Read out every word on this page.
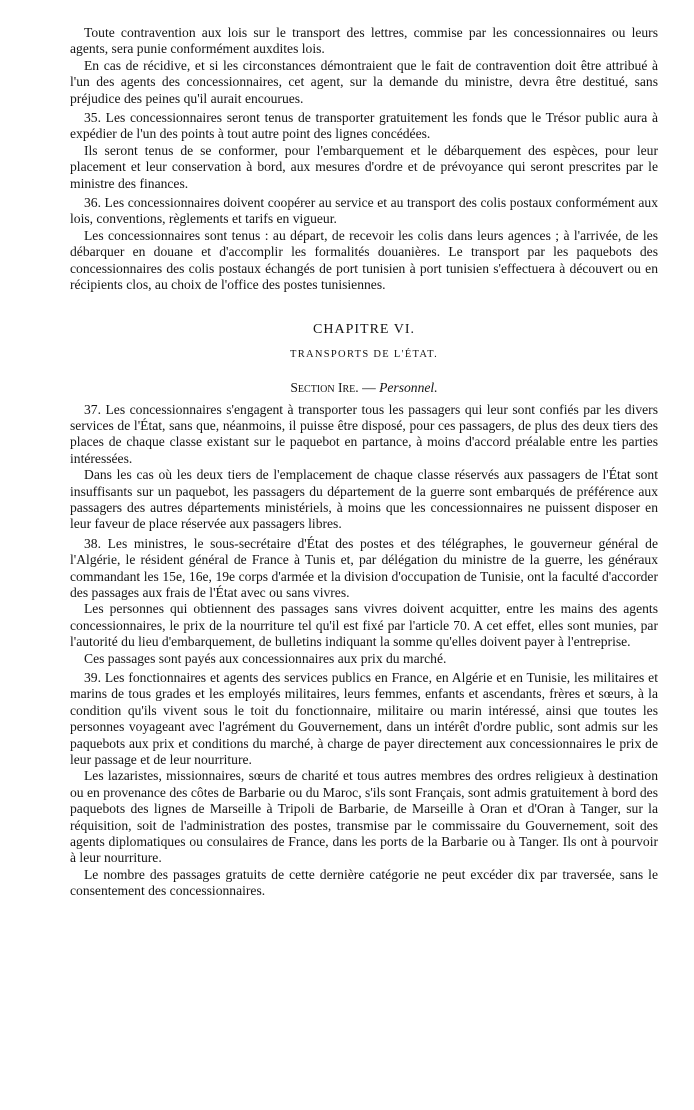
Toute contravention aux lois sur le transport des lettres, commise par les concessionnaires ou leurs agents, sera punie conformément auxdites lois.

En cas de récidive, et si les circonstances démontraient que le fait de contravention doit être attribué à l'un des agents des concessionnaires, cet agent, sur la demande du ministre, devra être destitué, sans préjudice des peines qu'il aurait encourues.

35. Les concessionnaires seront tenus de transporter gratuitement les fonds que le Trésor public aura à expédier de l'un des points à tout autre point des lignes concédées.

Ils seront tenus de se conformer, pour l'embarquement et le débarquement des espèces, pour leur placement et leur conservation à bord, aux mesures d'ordre et de prévoyance qui seront prescrites par le ministre des finances.

36. Les concessionnaires doivent coopérer au service et au transport des colis postaux conformément aux lois, conventions, règlements et tarifs en vigueur.

Les concessionnaires sont tenus : au départ, de recevoir les colis dans leurs agences ; à l'arrivée, de les débarquer en douane et d'accomplir les formalités douanières. Le transport par les paquebots des concessionnaires des colis postaux échangés de port tunisien à port tunisien s'effectuera à découvert ou en récipients clos, au choix de l'office des postes tunisiennes.

CHAPITRE VI.
TRANSPORTS DE L'ÉTAT.
Section Ire. — Personnel.

37. Les concessionnaires s'engagent à transporter tous les passagers qui leur sont confiés par les divers services de l'État, sans que, néanmoins, il puisse être disposé, pour ces passagers, de plus des deux tiers des places de chaque classe existant sur le paquebot en partance, à moins d'accord préalable entre les parties intéressées.

Dans les cas où les deux tiers de l'emplacement de chaque classe réservés aux passagers de l'État sont insuffisants sur un paquebot, les passagers du département de la guerre sont embarqués de préférence aux passagers des autres départements ministériels, à moins que les concessionnaires ne puissent disposer en leur faveur de place réservée aux passagers libres.

38. Les ministres, le sous-secrétaire d'État des postes et des télégraphes, le gouverneur général de l'Algérie, le résident général de France à Tunis et, par délégation du ministre de la guerre, les généraux commandant les 15e, 16e, 19e corps d'armée et la division d'occupation de Tunisie, ont la faculté d'accorder des passages aux frais de l'État avec ou sans vivres.

Les personnes qui obtiennent des passages sans vivres doivent acquitter, entre les mains des agents concessionnaires, le prix de la nourriture tel qu'il est fixé par l'article 70. A cet effet, elles sont munies, par l'autorité du lieu d'embarquement, de bulletins indiquant la somme qu'elles doivent payer à l'entreprise.

Ces passages sont payés aux concessionnaires aux prix du marché.

39. Les fonctionnaires et agents des services publics en France, en Algérie et en Tunisie, les militaires et marins de tous grades et les employés militaires, leurs femmes, enfants et ascendants, frères et sœurs, à la condition qu'ils vivent sous le toit du fonctionnaire, militaire ou marin intéressé, ainsi que toutes les personnes voyageant avec l'agrément du Gouvernement, dans un intérêt d'ordre public, sont admis sur les paquebots aux prix et conditions du marché, à charge de payer directement aux concessionnaires le prix de leur passage et de leur nourriture.

Les lazaristes, missionnaires, sœurs de charité et tous autres membres des ordres religieux à destination ou en provenance des côtes de Barbarie ou du Maroc, s'ils sont Français, sont admis gratuitement à bord des paquebots des lignes de Marseille à Tripoli de Barbarie, de Marseille à Oran et d'Oran à Tanger, sur la réquisition, soit de l'administration des postes, transmise par le commissaire du Gouvernement, soit des agents diplomatiques ou consulaires de France, dans les ports de la Barbarie ou à Tanger. Ils ont à pourvoir à leur nourriture.

Le nombre des passages gratuits de cette dernière catégorie ne peut excéder dix par traversée, sans le consentement des concessionnaires.
